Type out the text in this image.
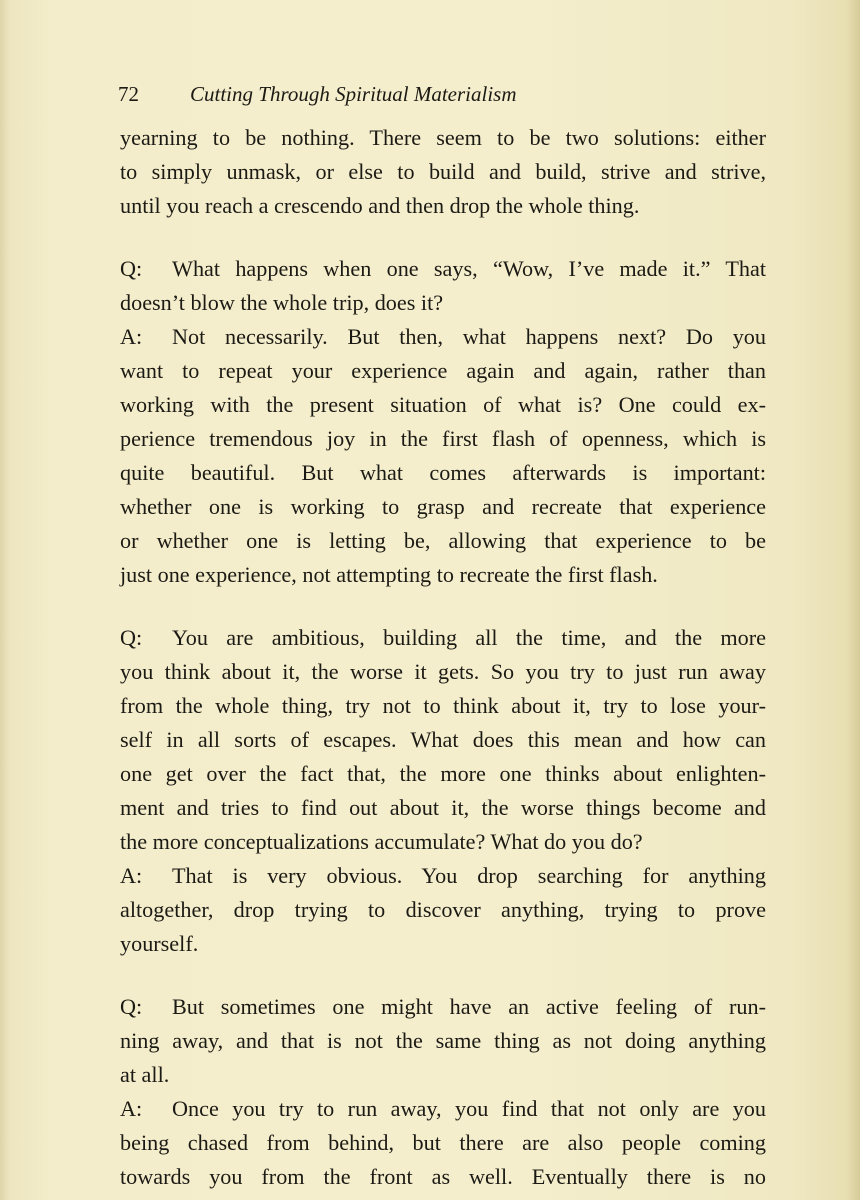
72 Cutting Through Spiritual Materialism
yearning to be nothing. There seem to be two solutions: either
to simply unmask, or else to build and build, strive and strive,
until you reach a crescendo and then drop the whole thing.
Q: What happens when one says, “Wow, I’ve made it.” That
doesn’t blow the whole trip, does it?
A: Not necessarily. But then, what happens next? Do you
want to repeat your experience again and again, rather than
working with the present situation of what is? One could ex-
perience tremendous joy in the first flash of openness, which is
quite beautiful. But what comes afterwards is important:
whether one is working to grasp and recreate that experience
or whether one is letting be, allowing that experience to be
just one experience, not attempting to recreate the first flash.
Q: You are ambitious, building all the time, and the more
you think about it, the worse it gets. So you try to just run away
from the whole thing, try not to think about it, try to lose your-
self in all sorts of escapes. What does this mean and how can
one get over the fact that, the more one thinks about enlighten-
ment and tries to find out about it, the worse things become and
the more conceptualizations accumulate? What do you do?
A: That is very obvious. You drop searching for anything
altogether, drop trying to discover anything, trying to prove
yourself.
Q: But sometimes one might have an active feeling of run-
ning away, and that is not the same thing as not doing anything
at all.
A: Once you try to run away, you find that not only are you
being chased from behind, but there are also people coming
towards you from the front as well. Eventually there is no
